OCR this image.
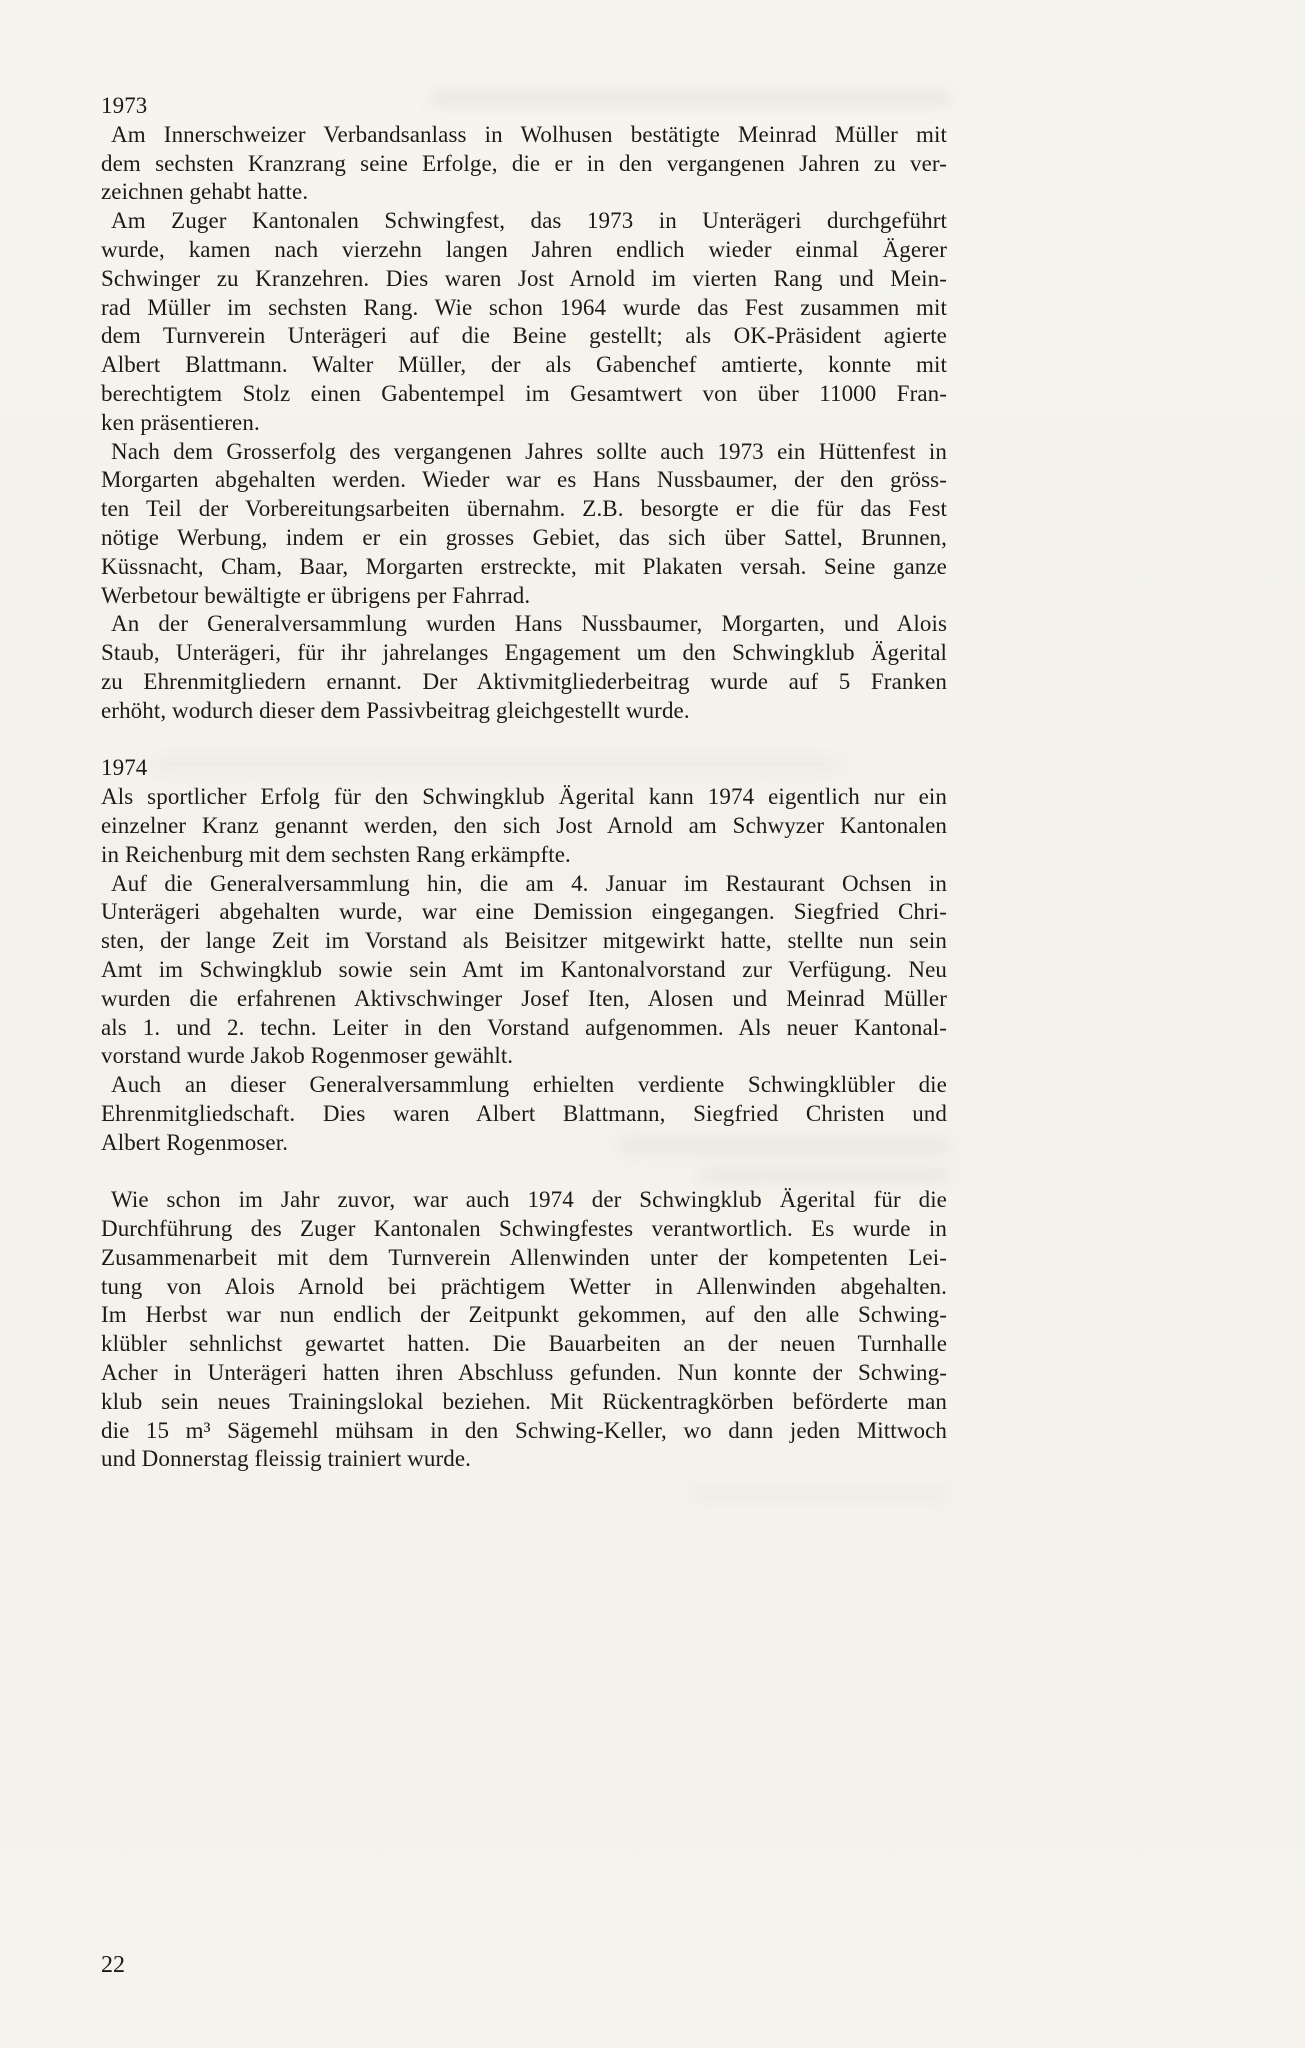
1973
Am Innerschweizer Verbandsanlass in Wolhusen bestätigte Meinrad Müller mit
dem sechsten Kranzrang seine Erfolge, die er in den vergangenen Jahren zu ver-
zeichnen gehabt hatte.
Am Zuger Kantonalen Schwingfest, das 1973 in Unterägeri durchgeführt
wurde, kamen nach vierzehn langen Jahren endlich wieder einmal Ägerer
Schwinger zu Kranzehren. Dies waren Jost Arnold im vierten Rang und Mein-
rad Müller im sechsten Rang. Wie schon 1964 wurde das Fest zusammen mit
dem Turnverein Unterägeri auf die Beine gestellt; als OK-Präsident agierte
Albert Blattmann. Walter Müller, der als Gabenchef amtierte, konnte mit
berechtigtem Stolz einen Gabentempel im Gesamtwert von über 11000 Fran-
ken präsentieren.
Nach dem Grosserfolg des vergangenen Jahres sollte auch 1973 ein Hüttenfest in
Morgarten abgehalten werden. Wieder war es Hans Nussbaumer, der den gröss-
ten Teil der Vorbereitungsarbeiten übernahm. Z.B. besorgte er die für das Fest
nötige Werbung, indem er ein grosses Gebiet, das sich über Sattel, Brunnen,
Küssnacht, Cham, Baar, Morgarten erstreckte, mit Plakaten versah. Seine ganze
Werbetour bewältigte er übrigens per Fahrrad.
An der Generalversammlung wurden Hans Nussbaumer, Morgarten, und Alois
Staub, Unterägeri, für ihr jahrelanges Engagement um den Schwingklub Ägerital
zu Ehrenmitgliedern ernannt. Der Aktivmitgliederbeitrag wurde auf 5 Franken
erhöht, wodurch dieser dem Passivbeitrag gleichgestellt wurde.
1974
Als sportlicher Erfolg für den Schwingklub Ägerital kann 1974 eigentlich nur ein
einzelner Kranz genannt werden, den sich Jost Arnold am Schwyzer Kantonalen
in Reichenburg mit dem sechsten Rang erkämpfte.
Auf die Generalversammlung hin, die am 4. Januar im Restaurant Ochsen in
Unterägeri abgehalten wurde, war eine Demission eingegangen. Siegfried Chri-
sten, der lange Zeit im Vorstand als Beisitzer mitgewirkt hatte, stellte nun sein
Amt im Schwingklub sowie sein Amt im Kantonalvorstand zur Verfügung. Neu
wurden die erfahrenen Aktivschwinger Josef Iten, Alosen und Meinrad Müller
als 1. und 2. techn. Leiter in den Vorstand aufgenommen. Als neuer Kantonal-
vorstand wurde Jakob Rogenmoser gewählt.
Auch an dieser Generalversammlung erhielten verdiente Schwingklübler die
Ehrenmitgliedschaft. Dies waren Albert Blattmann, Siegfried Christen und
Albert Rogenmoser.
Wie schon im Jahr zuvor, war auch 1974 der Schwingklub Ägerital für die
Durchführung des Zuger Kantonalen Schwingfestes verantwortlich. Es wurde in
Zusammenarbeit mit dem Turnverein Allenwinden unter der kompetenten Lei-
tung von Alois Arnold bei prächtigem Wetter in Allenwinden abgehalten.
Im Herbst war nun endlich der Zeitpunkt gekommen, auf den alle Schwing-
klübler sehnlichst gewartet hatten. Die Bauarbeiten an der neuen Turnhalle
Acher in Unterägeri hatten ihren Abschluss gefunden. Nun konnte der Schwing-
klub sein neues Trainingslokal beziehen. Mit Rückentragkörben beförderte man
die 15 m³ Sägemehl mühsam in den Schwing-Keller, wo dann jeden Mittwoch
und Donnerstag fleissig trainiert wurde.
22
